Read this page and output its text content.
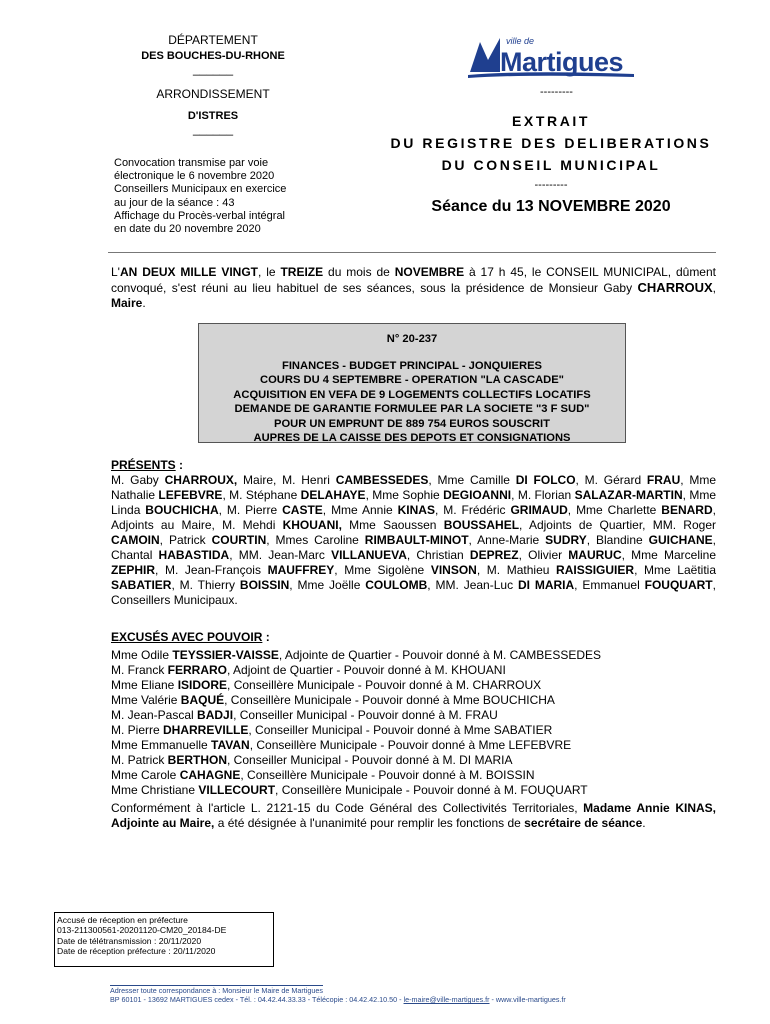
DÉPARTEMENT
DES BOUCHES-DU-RHONE
______
ARRONDISSEMENT
D'ISTRES
______
Convocation transmise par voie
électronique le 6 novembre 2020
Conseillers Municipaux en exercice
au jour de la séance : 43
Affichage du Procès-verbal intégral
en date du 20 novembre 2020
ville de
Martigues
---------
EXTRAIT
DU REGISTRE DES DELIBERATIONS
DU CONSEIL MUNICIPAL
---------
Séance du 13 NOVEMBRE 2020
L'AN DEUX MILLE VINGT, le TREIZE du mois de NOVEMBRE à 17 h 45, le CONSEIL MUNICIPAL, dûment convoqué, s'est réuni au lieu habituel de ses séances, sous la présidence de Monsieur Gaby CHARROUX, Maire.
N° 20-237
FINANCES - BUDGET PRINCIPAL - JONQUIERES
COURS DU 4 SEPTEMBRE - OPERATION "LA CASCADE"
ACQUISITION EN VEFA DE 9 LOGEMENTS COLLECTIFS LOCATIFS
DEMANDE DE GARANTIE FORMULEE PAR LA SOCIETE "3 F SUD"
POUR UN EMPRUNT DE 889 754 EUROS SOUSCRIT
AUPRES DE LA CAISSE DES DEPOTS ET CONSIGNATIONS
PRÉSENTS :
M. Gaby CHARROUX, Maire, M. Henri CAMBESSEDES, Mme Camille DI FOLCO, M. Gérard FRAU, Mme Nathalie LEFEBVRE, M. Stéphane DELAHAYE, Mme Sophie DEGIOANNI, M. Florian SALAZAR-MARTIN, Mme Linda BOUCHICHA, M. Pierre CASTE, Mme Annie KINAS, M. Frédéric GRIMAUD, Mme Charlette BENARD, Adjoints au Maire, M. Mehdi KHOUANI, Mme Saoussen BOUSSAHEL, Adjoints de Quartier, MM. Roger CAMOIN, Patrick COURTIN, Mmes Caroline RIMBAULT-MINOT, Anne-Marie SUDRY, Blandine GUICHANE, Chantal HABASTIDA, MM. Jean-Marc VILLANUEVA, Christian DEPREZ, Olivier MAURUC, Mme Marceline ZEPHIR, M. Jean-François MAUFFREY, Mme Sigolène VINSON, M. Mathieu RAISSIGUIER, Mme Laëtitia SABATIER, M. Thierry BOISSIN, Mme Joëlle COULOMB, MM. Jean-Luc DI MARIA, Emmanuel FOUQUART, Conseillers Municipaux.
EXCUSÉS AVEC POUVOIR :
Mme Odile TEYSSIER-VAISSE, Adjointe de Quartier - Pouvoir donné à M. CAMBESSEDES
M. Franck FERRARO, Adjoint de Quartier - Pouvoir donné à M. KHOUANI
Mme Eliane ISIDORE, Conseillère Municipale - Pouvoir donné à M. CHARROUX
Mme Valérie BAQUÉ, Conseillère Municipale - Pouvoir donné à Mme BOUCHICHA
M. Jean-Pascal BADJI, Conseiller Municipal - Pouvoir donné à M. FRAU
M. Pierre DHARREVILLE, Conseiller Municipal - Pouvoir donné à Mme SABATIER
Mme Emmanuelle TAVAN, Conseillère Municipale - Pouvoir donné à Mme LEFEBVRE
M. Patrick BERTHON, Conseiller Municipal - Pouvoir donné à M. DI MARIA
Mme Carole CAHAGNE, Conseillère Municipale - Pouvoir donné à M. BOISSIN
Mme Christiane VILLECOURT, Conseillère Municipale - Pouvoir donné à M. FOUQUART
Conformément à l'article L. 2121-15 du Code Général des Collectivités Territoriales, Madame Annie KINAS, Adjointe au Maire, a été désignée à l'unanimité pour remplir les fonctions de secrétaire de séance.
Accusé de réception en préfecture
013-211300561-20201120-CM20_20184-DE
Date de télétransmission : 20/11/2020
Date de réception préfecture : 20/11/2020
Adresser toute correspondance à : Monsieur le Maire de Martigues
BP 60101 - 13692 MARTIGUES cedex - Tél. : 04.42.44.33.33 - Télécopie : 04.42.42.10.50 - le-maire@ville-martigues.fr - www.ville-martigues.fr
